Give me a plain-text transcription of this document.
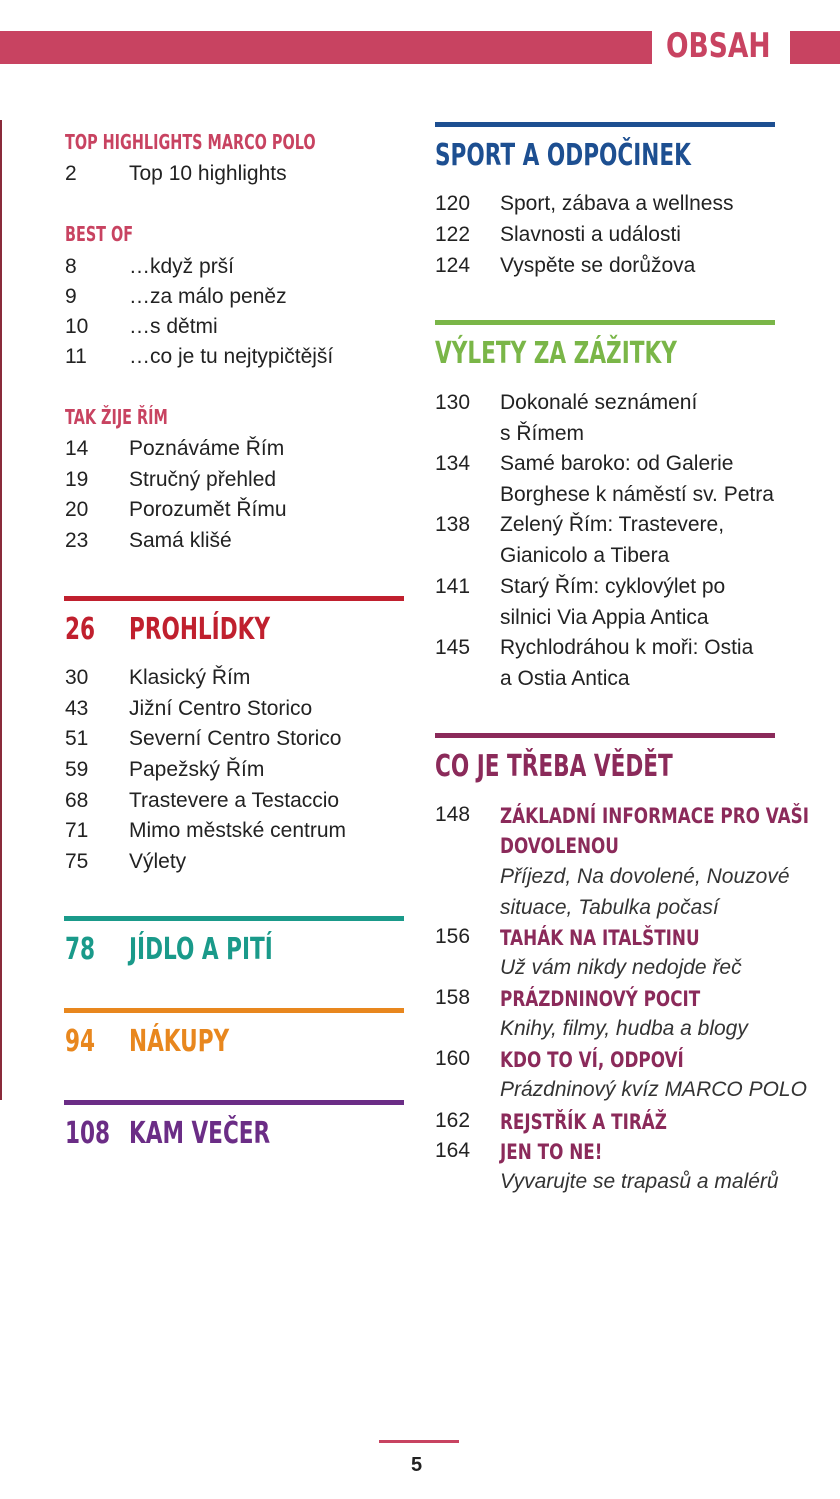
OBSAH
TOP HIGHLIGHTS MARCO POLO
2 Top 10 highlights
BEST OF
8 …když prší
9 …za málo peněz
10 …s dětmi
11 …co je tu nejtypičtější
TAK ŽIJE ŘÍM
14 Poznáváme Řím
19 Stručný přehled
20 Porozumět Římu
23 Samá klišé
26 PROHLÍDKY
30 Klasický Řím
43 Jižní Centro Storico
51 Severní Centro Storico
59 Papežský Řím
68 Trastevere a Testaccio
71 Mimo městské centrum
75 Výlety
78 JÍDLO A PITÍ
94 NÁKUPY
108 KAM VEČER
SPORT A ODPOČINEK
120 Sport, zábava a wellness
122 Slavnosti a události
124 Vyspěte se dorůžova
VÝLETY ZA ZÁŽITKY
130 Dokonalé seznámení
s Římem
134 Samé baroko: od Galerie
Borghese k náměstí sv. Petra
138 Zelený Řím: Trastevere,
Gianicolo a Tibera
141 Starý Řím: cyklovýlet po
silnici Via Appia Antica
145 Rychlodráhou k moři: Ostia
a Ostia Antica
CO JE TŘEBA VĚDĚT
148 ZÁKLADNÍ INFORMACE PRO VAŠI
DOVOLENOU
Příjezd, Na dovolené, Nouzové
situace, Tabulka počasí
156 TAHÁK NA ITALŠTINU
Už vám nikdy nedojde řeč
158 PRÁZDNINOVÝ POCIT
Knihy, filmy, hudba a blogy
160 KDO TO VÍ, ODPOVÍ
Prázdninový kvíz MARCO POLO
162 REJSTŘÍK A TIRÁŽ
164 JEN TO NE!
Vyvarujte se trapasů a malérů
5
